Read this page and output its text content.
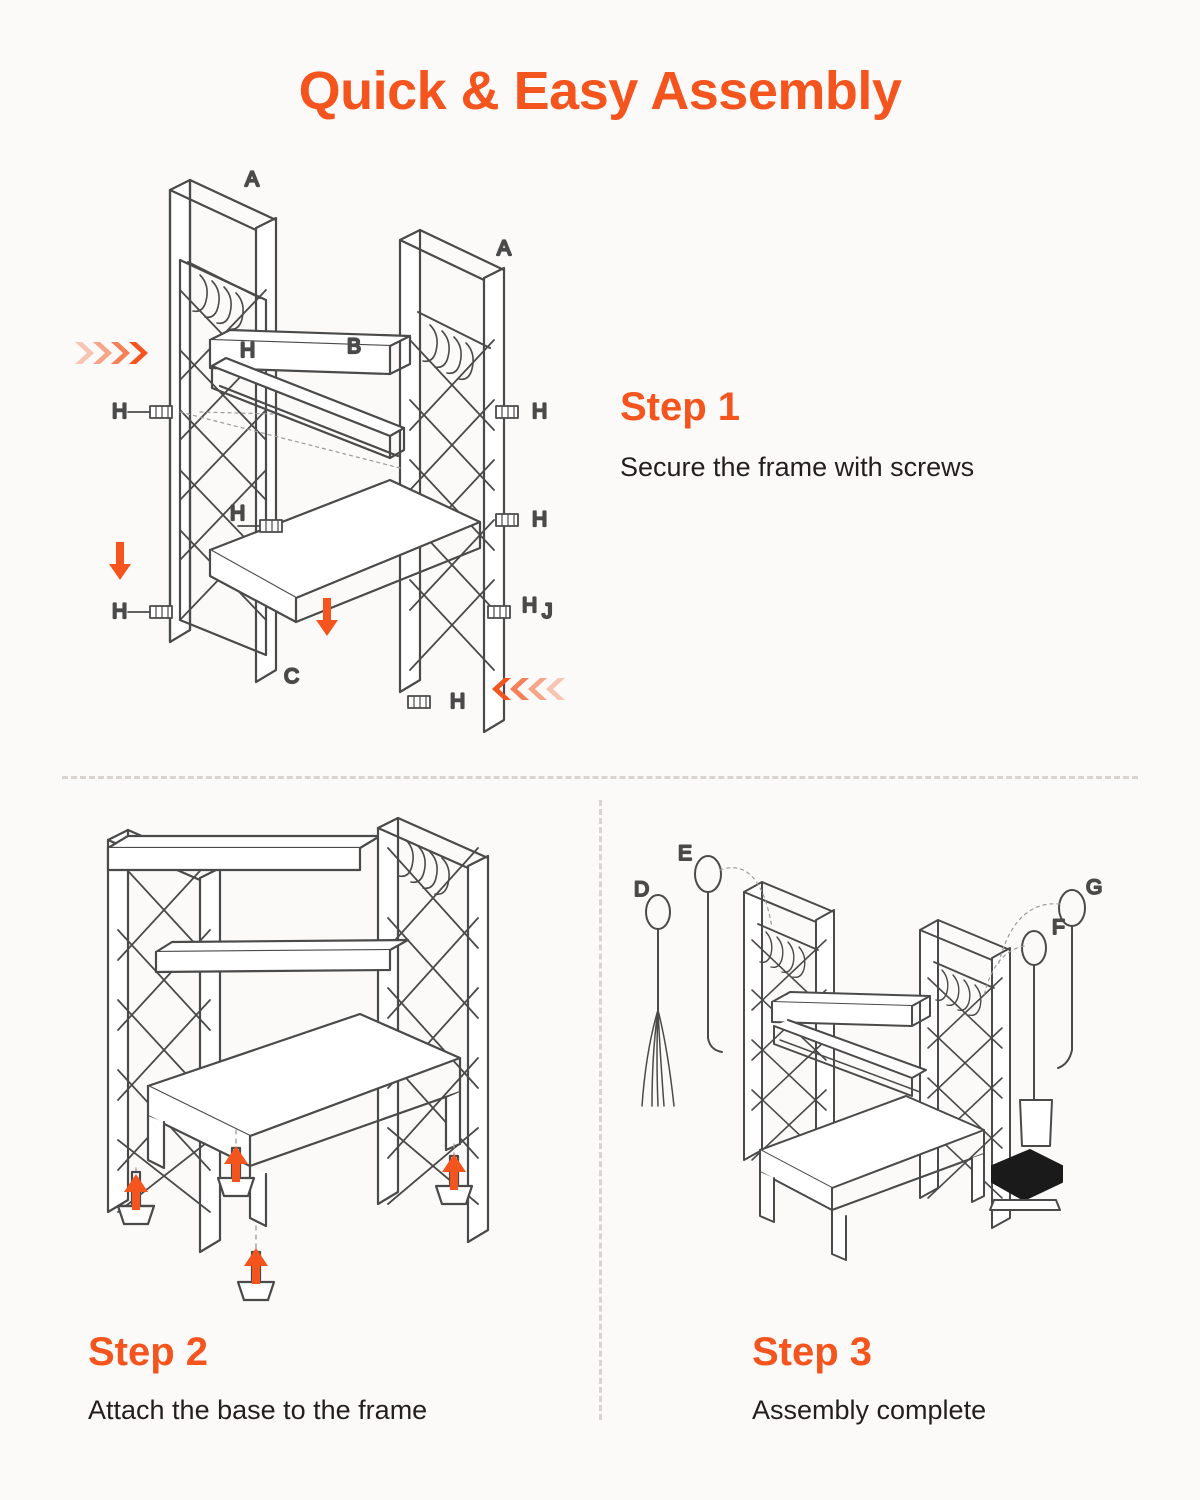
Quick & Easy Assembly
A
A
H	B
H	H
H
H
H	H J
C
H
Step 1
Secure the frame with screws
Step 2
Attach the base to the frame
E
D	G
F
Step 3
Assembly complete
